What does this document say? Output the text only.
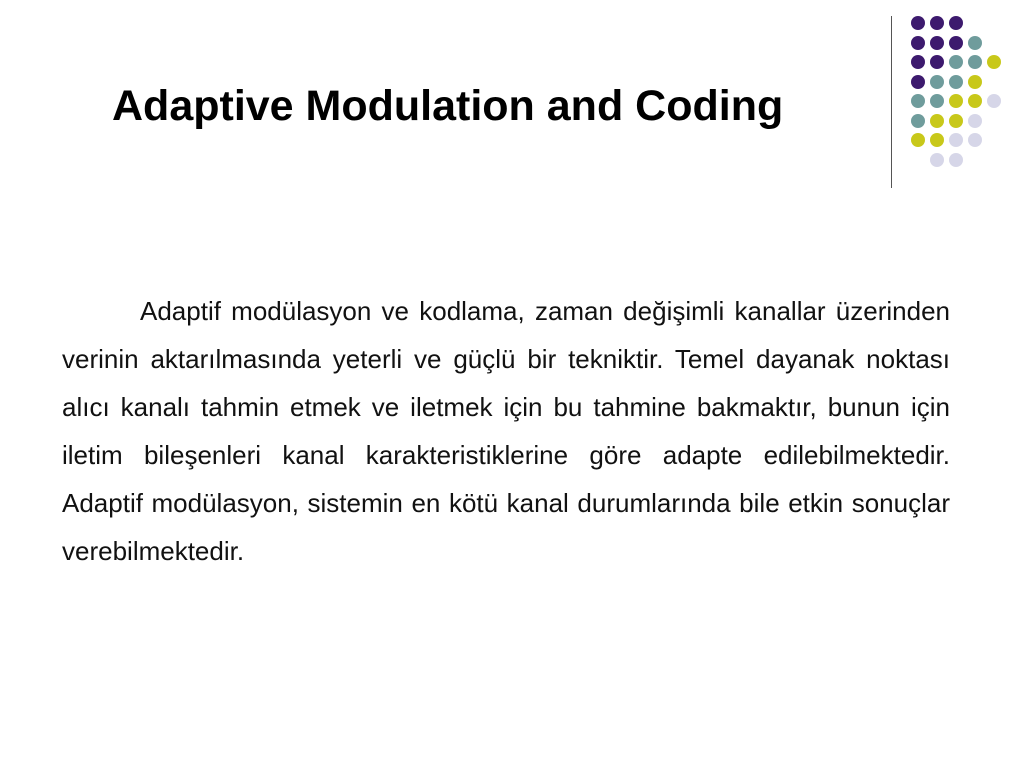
Adaptive Modulation and Coding

Adaptif modülasyon ve kodlama, zaman değişimli kanallar üzerinden verinin aktarılmasında yeterli ve güçlü bir tekniktir. Temel dayanak noktası alıcı kanalı tahmin etmek ve iletmek için bu tahmine bakmaktır, bunun için iletim bileşenleri kanal karakteristiklerine göre adapte edilebilmektedir. Adaptif modülasyon, sistemin en kötü kanal durumlarında bile etkin sonuçlar verebilmektedir.
